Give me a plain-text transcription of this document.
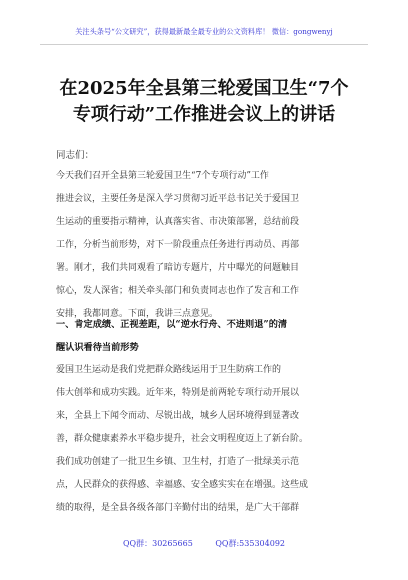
关注头条号“公文研究”，获得最新最全最专业的公文资料库！ 微信：gongwenyj
在2025年全县第三轮爱国卫生“7个
专项行动”工作推进会议上的讲话
同志们：
今天我们召开全县第三轮爱国卫生“7个专项行动”工作
推进会议，主要任务是深入学习贯彻习近平总书记关于爱国卫
生运动的重要指示精神，认真落实省、市决策部署，总结前段
工作，分析当前形势，对下一阶段重点任务进行再动员、再部
署。刚才，我们共同观看了暗访专题片，片中曝光的问题触目
惊心，发人深省；相关牵头部门和负责同志也作了发言和工作
安排，我都同意。下面，我讲三点意见。
一、肯定成绩、正视差距，以“逆水行舟、不进则退”的清
醒认识看待当前形势
爱国卫生运动是我们党把群众路线运用于卫生防病工作的
伟大创举和成功实践。近年来，特别是前两轮专项行动开展以
来，全县上下闻令而动、尽锐出战，城乡人居环境得到显著改
善，群众健康素养水平稳步提升，社会文明程度迈上了新台阶。
我们成功创建了一批卫生乡镇、卫生村，打造了一批绿美示范
点，人民群众的获得感、幸福感、安全感实实在在增强。这些成
绩的取得，是全县各级各部门辛勤付出的结果，是广大干部群
QQ群：30265665	QQ群:535304092
